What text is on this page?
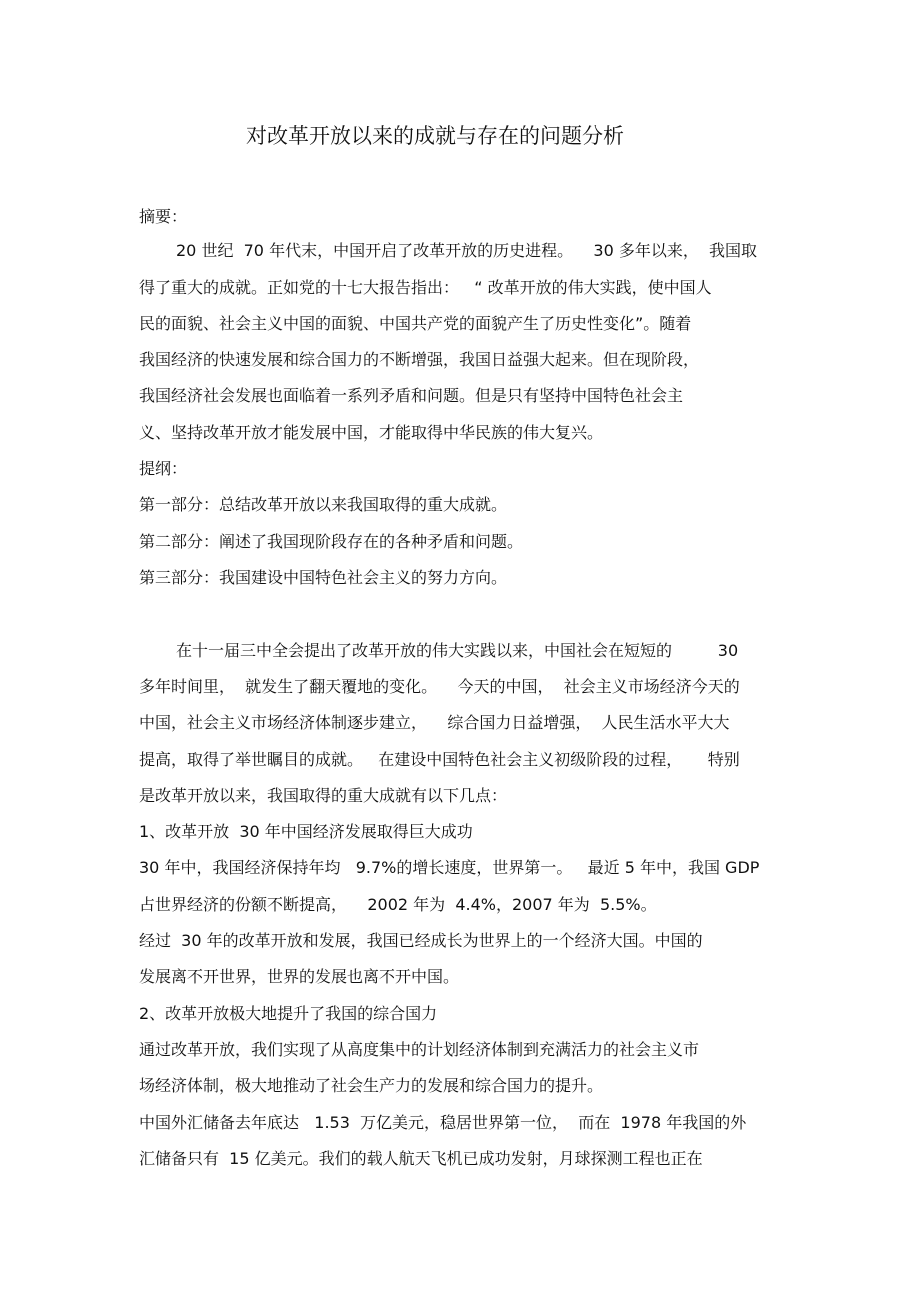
对改革开放以来的成就与存在的问题分析
摘要：
20 世纪  70 年代末，中国开启了改革开放的历史进程。    30 多年以来，  我国取
得了重大的成就。正如党的十七大报告指出：   “ 改革开放的伟大实践，使中国人
民的面貌、社会主义中国的面貌、中国共产党的面貌产生了历史性变化”。随着
我国经济的快速发展和综合国力的不断增强，我国日益强大起来。但在现阶段，
我国经济社会发展也面临着一系列矛盾和问题。但是只有坚持中国特色社会主
义、坚持改革开放才能发展中国，才能取得中华民族的伟大复兴。
提纲：
第一部分：总结改革开放以来我国取得的重大成就。
第二部分：阐述了我国现阶段存在的各种矛盾和问题。
第三部分：我国建设中国特色社会主义的努力方向。
在十一届三中全会提出了改革开放的伟大实践以来，中国社会在短短的         30
多年时间里，  就发生了翻天覆地的变化。    今天的中国，  社会主义市场经济今天的
中国，社会主义市场经济体制逐步建立，    综合国力日益增强，  人民生活水平大大
提高，取得了举世瞩目的成就。   在建设中国特色社会主义初级阶段的过程，     特别
是改革开放以来，我国取得的重大成就有以下几点：
1、改革开放  30 年中国经济发展取得巨大成功
30 年中，我国经济保持年均   9.7%的增长速度，世界第一。   最近 5 年中，我国 GDP
占世界经济的份额不断提高，    2002 年为  4.4%，2007 年为  5.5%。
经过  30 年的改革开放和发展，我国已经成长为世界上的一个经济大国。中国的
发展离不开世界，世界的发展也离不开中国。
2、改革开放极大地提升了我国的综合国力
通过改革开放，我们实现了从高度集中的计划经济体制到充满活力的社会主义市
场经济体制，极大地推动了社会生产力的发展和综合国力的提升。
中国外汇储备去年底达   1.53  万亿美元，稳居世界第一位，  而在  1978 年我国的外
汇储备只有  15 亿美元。我们的载人航天飞机已成功发射，月球探测工程也正在
